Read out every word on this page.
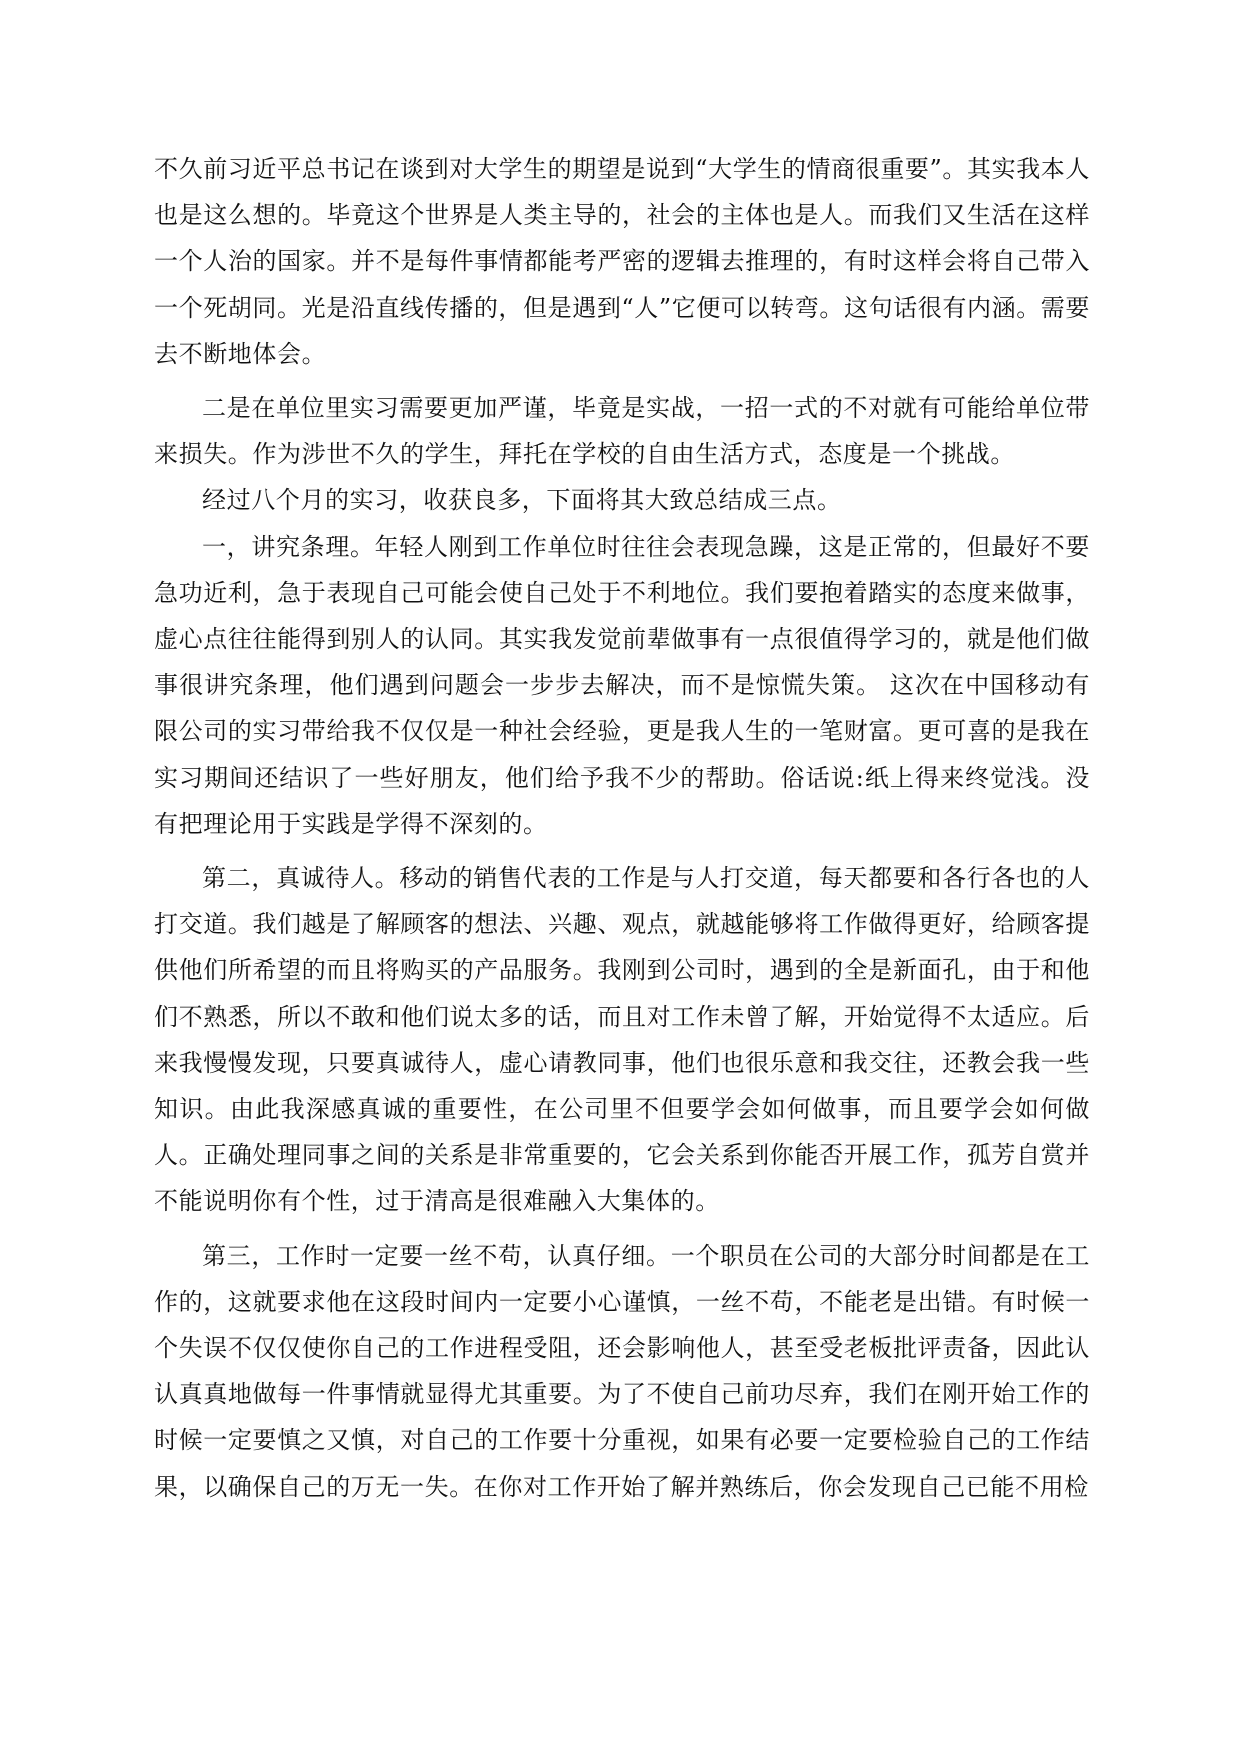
不久前习近平总书记在谈到对大学生的期望是说到“大学生的情商很重要”。其实我本人也是这么想的。毕竟这个世界是人类主导的，社会的主体也是人。而我们又生活在这样一个人治的国家。并不是每件事情都能考严密的逻辑去推理的，有时这样会将自己带入一个死胡同。光是沿直线传播的，但是遇到“人”它便可以转弯。这句话很有内涵。需要去不断地体会。

二是在单位里实习需要更加严谨，毕竟是实战，一招一式的不对就有可能给单位带来损失。作为涉世不久的学生，拜托在学校的自由生活方式，态度是一个挑战。

经过八个月的实习，收获良多，下面将其大致总结成三点。

一，讲究条理。年轻人刚到工作单位时往往会表现急躁，这是正常的，但最好不要急功近利，急于表现自己可能会使自己处于不利地位。我们要抱着踏实的态度来做事，虚心点往往能得到别人的认同。其实我发觉前辈做事有一点很值得学习的，就是他们做事很讲究条理，他们遇到问题会一步步去解决，而不是惊慌失策。 这次在中国移动有限公司的实习带给我不仅仅是一种社会经验，更是我人生的一笔财富。更可喜的是我在实习期间还结识了一些好朋友，他们给予我不少的帮助。俗话说:纸上得来终觉浅。没有把理论用于实践是学得不深刻的。

第二，真诚待人。移动的销售代表的工作是与人打交道，每天都要和各行各也的人打交道。我们越是了解顾客的想法、兴趣、观点，就越能够将工作做得更好，给顾客提供他们所希望的而且将购买的产品服务。我刚到公司时，遇到的全是新面孔，由于和他们不熟悉，所以不敢和他们说太多的话，而且对工作未曾了解，开始觉得不太适应。后来我慢慢发现，只要真诚待人，虚心请教同事，他们也很乐意和我交往，还教会我一些知识。由此我深感真诚的重要性，在公司里不但要学会如何做事，而且要学会如何做人。正确处理同事之间的关系是非常重要的，它会关系到你能否开展工作，孤芳自赏并不能说明你有个性，过于清高是很难融入大集体的。

第三，工作时一定要一丝不苟，认真仔细。一个职员在公司的大部分时间都是在工作的，这就要求他在这段时间内一定要小心谨慎，一丝不苟，不能老是出错。有时候一个失误不仅仅使你自己的工作进程受阻，还会影响他人，甚至受老板批评责备，因此认认真真地做每一件事情就显得尤其重要。为了不使自己前功尽弃，我们在刚开始工作的时候一定要慎之又慎，对自己的工作要十分重视，如果有必要一定要检验自己的工作结果，以确保自己的万无一失。在你对工作开始了解并熟练后，你会发现自己已能不用检
